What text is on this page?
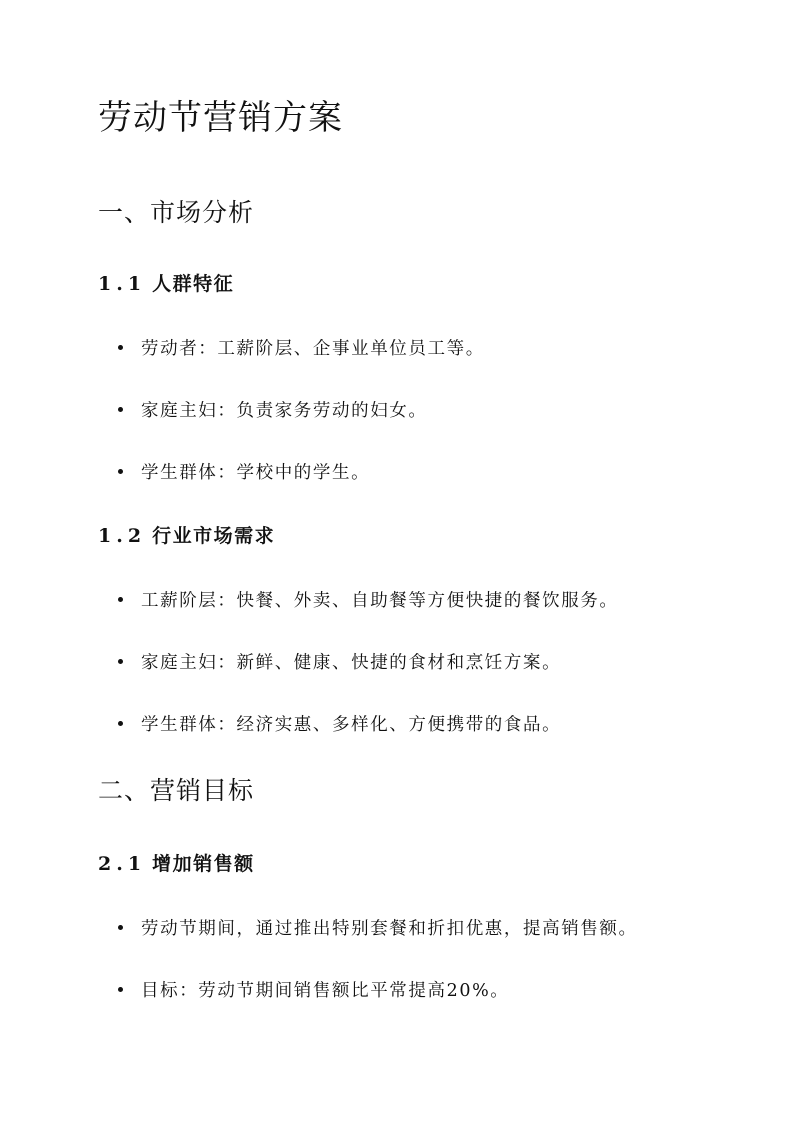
劳动节营销方案
一、市场分析
1.1 人群特征
劳动者：工薪阶层、企事业单位员工等。
家庭主妇：负责家务劳动的妇女。
学生群体：学校中的学生。
1.2 行业市场需求
工薪阶层：快餐、外卖、自助餐等方便快捷的餐饮服务。
家庭主妇：新鲜、健康、快捷的食材和烹饪方案。
学生群体：经济实惠、多样化、方便携带的食品。
二、营销目标
2.1 增加销售额
劳动节期间，通过推出特别套餐和折扣优惠，提高销售额。
目标：劳动节期间销售额比平常提高20%。
